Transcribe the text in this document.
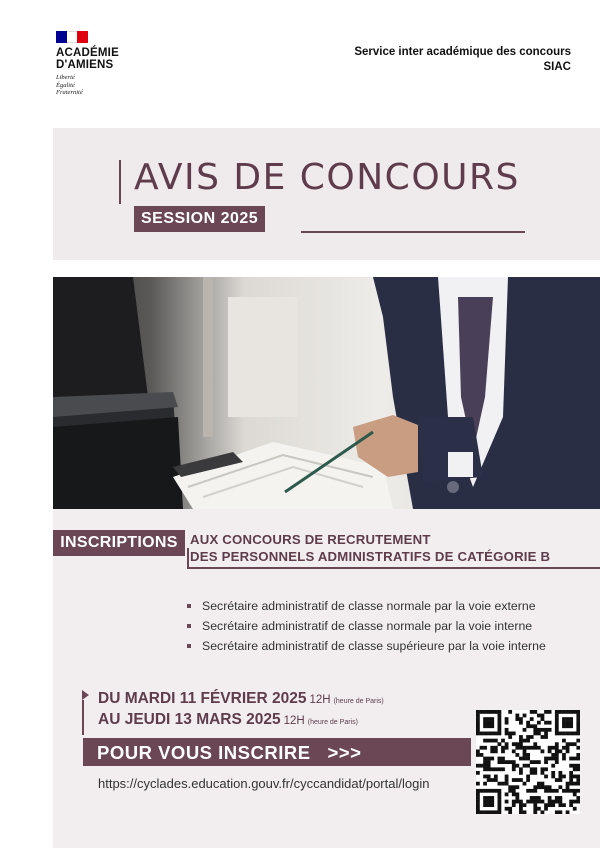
ACADÉMIE
D'AMIENS
Liberté
Égalité
Fraternité
Service inter académique des concours
SIAC
AVIS DE CONCOURS
SESSION 2025
INSCRIPTIONS AUX CONCOURS DE RECRUTEMENT
DES PERSONNELS ADMINISTRATIFS DE CATÉGORIE B
Secrétaire administratif de classe normale par la voie externe
Secrétaire administratif de classe normale par la voie interne
Secrétaire administratif de classe supérieure par la voie interne
DU MARDI 11 FÉVRIER 2025 12H (heure de Paris)
AU JEUDI 13 MARS 2025 12H (heure de Paris)
POUR VOUS INSCRIRE >>>
https://cyclades.education.gouv.fr/cyccandidat/portal/login
